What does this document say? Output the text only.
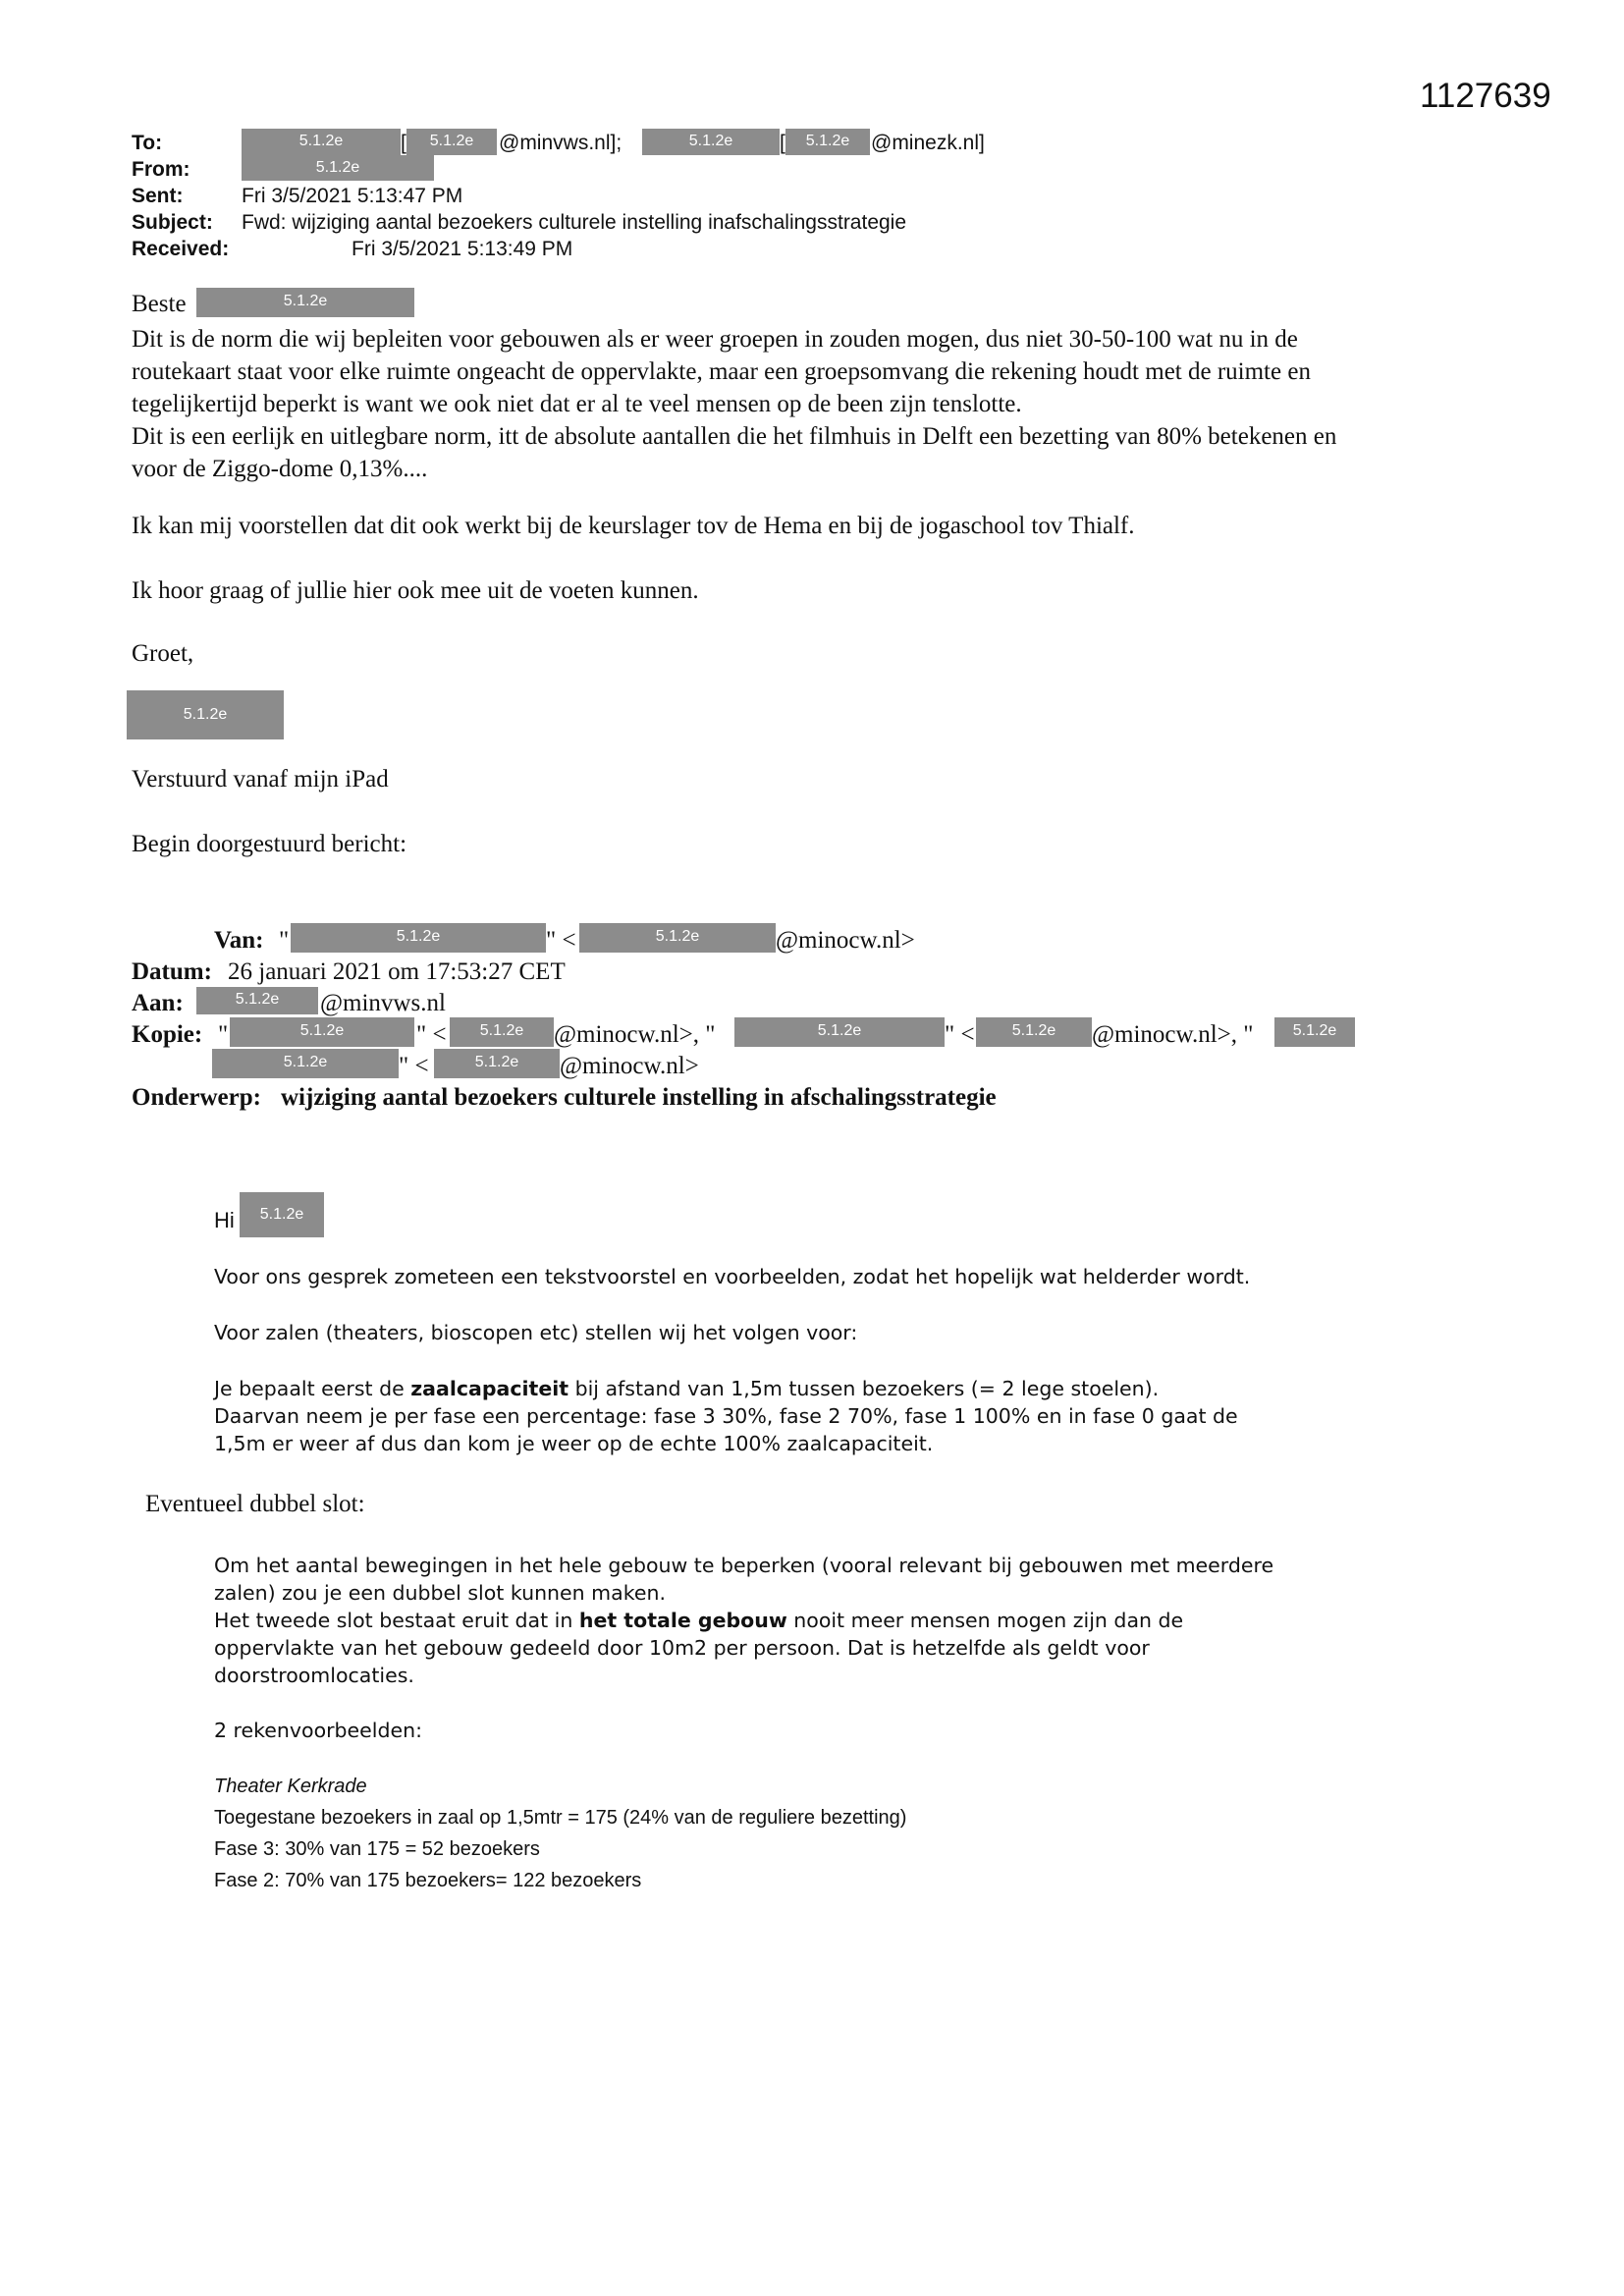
1127639
To:	5.1.2e	[	5.1.2e	@minvws.nl];	5.1.2e	[	5.1.2e	@minezk.nl]
From:	5.1.2e
Sent:	Fri 3/5/2021 5:13:47 PM
Subject: Fwd: wijziging aantal bezoekers culturele instelling inafschalingsstrategie
Received:	Fri 3/5/2021 5:13:49 PM
Beste	5.1.2e
Dit is de norm die wij bepleiten voor gebouwen als er weer groepen in zouden mogen, dus niet 30-50-100 wat nu in de
routekaart staat voor elke ruimte ongeacht de oppervlakte, maar een groepsomvang die rekening houdt met de ruimte en
tegelijkertijd beperkt is want we ook niet dat er al te veel mensen op de been zijn tenslotte.
Dit is een eerlijk en uitlegbare norm, itt de absolute aantallen die het filmhuis in Delft een bezetting van 80% betekenen en
voor de Ziggo-dome 0,13%....
Ik kan mij voorstellen dat dit ook werkt bij de keurslager tov de Hema en bij de jogaschool tov Thialf.
Ik hoor graag of jullie hier ook mee uit de voeten kunnen.
Groet,
5.1.2e
Verstuurd vanaf mijn iPad
Begin doorgestuurd bericht:
Van: "	5.1.2e	" <	5.1.2e	@minocw.nl>
Datum: 26 januari 2021 om 17:53:27 CET
Aan:	5.1.2e	@minvws.nl
Kopie: "	5.1.2e	" <	5.1.2e	@minocw.nl>, "	5.1.2e	" <	5.1.2e	@minocw.nl>, "	5.1.2e
5.1.2e	" <	5.1.2e	@minocw.nl>
Onderwerp: wijziging aantal bezoekers culturele instelling in afschalingsstrategie
Hi	5.1.2e
Voor ons gesprek zometeen een tekstvoorstel en voorbeelden, zodat het hopelijk wat helderder wordt.
Voor zalen (theaters, bioscopen etc) stellen wij het volgen voor:
Je bepaalt eerst de zaalcapaciteit bij afstand van 1,5m tussen bezoekers (= 2 lege stoelen).
Daarvan neem je per fase een percentage: fase 3 30%, fase 2 70%, fase 1 100% en in fase 0 gaat de
1,5m er weer af dus dan kom je weer op de echte 100% zaalcapaciteit.
Eventueel dubbel slot:
Om het aantal bewegingen in het hele gebouw te beperken (vooral relevant bij gebouwen met meerdere
zalen) zou je een dubbel slot kunnen maken.
Het tweede slot bestaat eruit dat in het totale gebouw nooit meer mensen mogen zijn dan de
oppervlakte van het gebouw gedeeld door 10m2 per persoon. Dat is hetzelfde als geldt voor
doorstroomlocaties.
2 rekenvoorbeelden:
Theater Kerkrade
Toegestane bezoekers in zaal op 1,5mtr = 175 (24% van de reguliere bezetting)
Fase 3: 30% van 175 = 52 bezoekers
Fase 2: 70% van 175 bezoekers= 122 bezoekers
